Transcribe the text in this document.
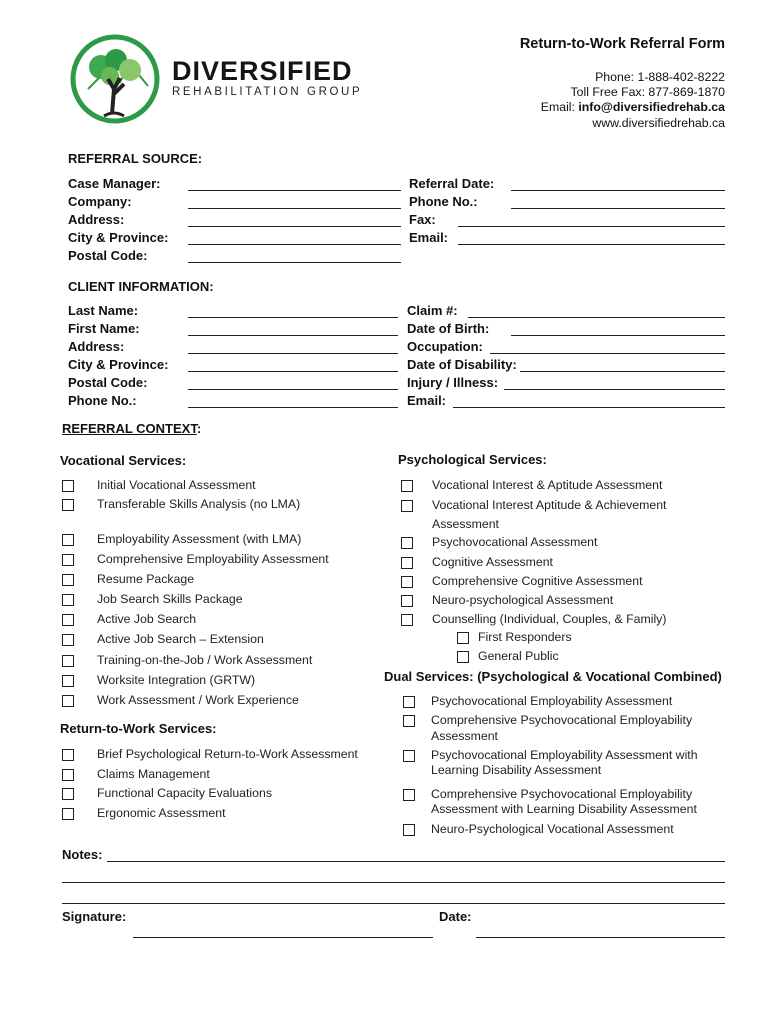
DIVERSIFIED
REHABILITATION GROUP
Return-to-Work Referral Form
Phone: 1-888-402-8222
Toll Free Fax: 877-869-1870
Email: info@diversifiedrehab.ca
www.diversifiedrehab.ca
REFERRAL SOURCE:
Case Manager:
Company:
Address:
City & Province:
Postal Code:
Referral Date:
Phone No.:
Fax:
Email:
CLIENT INFORMATION:
Last Name:
First Name:
Address:
City & Province:
Postal Code:
Phone No.:
Claim #:
Date of Birth:
Occupation:
Date of Disability:
Injury / Illness:
Email:
REFERRAL CONTEXT:
Vocational Services:	Psychological Services:
Initial Vocational Assessment
Transferable Skills Analysis (no LMA)
Employability Assessment (with LMA)
Comprehensive Employability Assessment
Resume Package
Job Search Skills Package
Active Job Search
Active Job Search – Extension
Training-on-the-Job / Work Assessment
Worksite Integration (GRTW)
Work Assessment / Work Experience
Return-to-Work Services:
Brief Psychological Return-to-Work Assessment
Claims Management
Functional Capacity Evaluations
Ergonomic Assessment
Vocational Interest & Aptitude Assessment
Vocational Interest Aptitude & Achievement
Assessment
Psychovocational Assessment
Cognitive Assessment
Comprehensive Cognitive Assessment
Neuro-psychological Assessment
Counselling (Individual, Couples, & Family)
First Responders
General Public
Dual Services: (Psychological & Vocational Combined)
Psychovocational Employability Assessment
Comprehensive Psychovocational Employability
Assessment
Psychovocational Employability Assessment with
Learning Disability Assessment
Comprehensive Psychovocational Employability
Assessment with Learning Disability Assessment
Neuro-Psychological Vocational Assessment
Notes:
Signature:	Date:
